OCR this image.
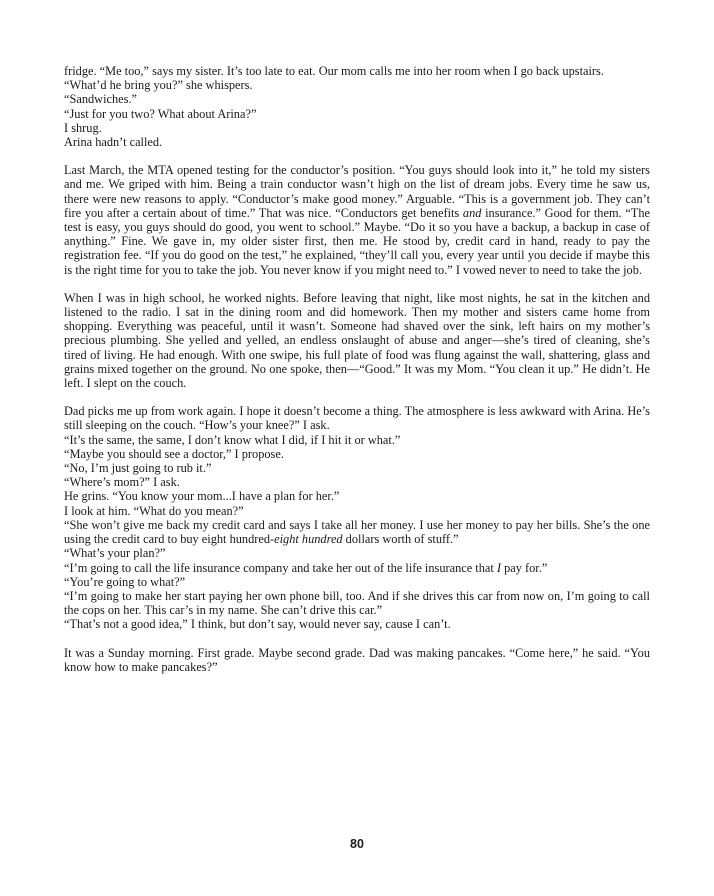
fridge. “Me too,” says my sister. It’s too late to eat. Our mom calls me into her room when I go back upstairs.

“What’d he bring you?” she whispers.
“Sandwiches.”
“Just for you two? What about Arina?”
I shrug.
Arina hadn’t called.

Last March, the MTA opened testing for the conductor’s position. “You guys should look into it,” he told my sisters and me. We griped with him. Being a train conductor wasn’t high on the list of dream jobs. Every time he saw us, there were new reasons to apply. “Conductor’s make good money.” Arguable. “This is a government job. They can’t fire you after a certain about of time.” That was nice. “Conductors get benefits and insurance.” Good for them. “The test is easy, you guys should do good, you went to school.” Maybe. “Do it so you have a backup, a backup in case of anything.” Fine. We gave in, my older sister first, then me. He stood by, credit card in hand, ready to pay the registration fee. “If you do good on the test,” he explained, “they’ll call you, every year until you decide if maybe this is the right time for you to take the job. You never know if you might need to.” I vowed never to need to take the job.

When I was in high school, he worked nights. Before leaving that night, like most nights, he sat in the kitchen and listened to the radio. I sat in the dining room and did homework. Then my mother and sisters came home from shopping. Everything was peaceful, until it wasn’t. Someone had shaved over the sink, left hairs on my mother’s precious plumbing. She yelled and yelled, an endless onslaught of abuse and anger—she’s tired of cleaning, she’s tired of living. He had enough. With one swipe, his full plate of food was flung against the wall, shattering, glass and grains mixed together on the ground. No one spoke, then—“Good.” It was my Mom. “You clean it up.” He didn’t. He left. I slept on the couch.

Dad picks me up from work again. I hope it doesn’t become a thing. The atmosphere is less awkward with Arina. He’s still sleeping on the couch. “How’s your knee?” I ask.

“It’s the same, the same, I don’t know what I did, if I hit it or what.”
“Maybe you should see a doctor,” I propose.
“No, I’m just going to rub it.”
“Where’s mom?” I ask.
He grins. “You know your mom...I have a plan for her.”
I look at him. “What do you mean?”

“She won’t give me back my credit card and says I take all her money. I use her money to pay her bills. She’s the one using the credit card to buy eight hundred-eight hundred dollars worth of stuff.”

“What’s your plan?”
“I’m going to call the life insurance company and take her out of the life insurance that I pay for.”
“You’re going to what?”

“I’m going to make her start paying her own phone bill, too. And if she drives this car from now on, I’m going to call the cops on her. This car’s in my name. She can’t drive this car.”

“That’s not a good idea,” I think, but don’t say, would never say, cause I can’t.

It was a Sunday morning. First grade. Maybe second grade. Dad was making pancakes. “Come here,” he said. “You know how to make pancakes?”

80
